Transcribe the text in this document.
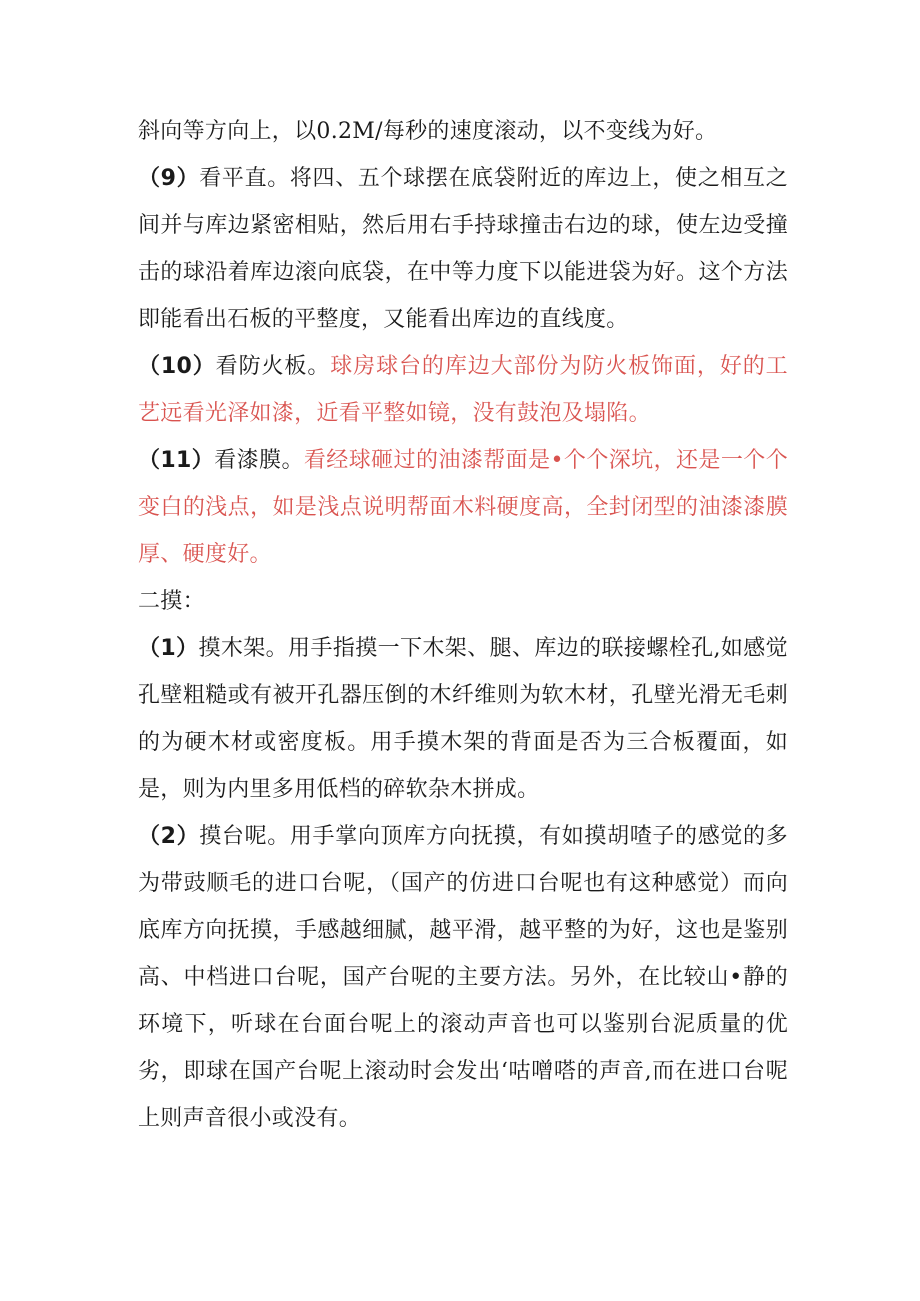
斜向等方向上，以0.2M/每秒的速度滚动，以不变线为好。

（9）看平直。将四、五个球摆在底袋附近的库边上，使之相互之间并与库边紧密相贴，然后用右手持球撞击右边的球，使左边受撞击的球沿着库边滚向底袋，在中等力度下以能进袋为好。这个方法即能看出石板的平整度，又能看出库边的直线度。

（10）看防火板。球房球台的库边大部份为防火板饰面，好的工艺远看光泽如漆，近看平整如镜，没有鼓泡及塌陷。

（11）看漆膜。看经球砸过的油漆帮面是•个个深坑，还是一个个变白的浅点，如是浅点说明帮面木料硬度高，全封闭型的油漆漆膜厚、硬度好。

二摸：

（1）摸木架。用手指摸一下木架、腿、库边的联接螺栓孔,如感觉孔壁粗糙或有被开孔器压倒的木纤维则为软木材，孔壁光滑无毛刺的为硬木材或密度板。用手摸木架的背面是否为三合板覆面，如是，则为内里多用低档的碎软杂木拼成。

（2）摸台呢。用手掌向顶库方向抚摸，有如摸胡喳子的感觉的多为带豉顺毛的进口台呢，（国产的仿进口台呢也有这种感觉）而向底库方向抚摸，手感越细腻，越平滑，越平整的为好，这也是鉴别高、中档进口台呢，国产台呢的主要方法。另外，在比较山•静的环境下，听球在台面台呢上的滚动声音也可以鉴别台泥质量的优劣，即球在国产台呢上滚动时会发出‘咕噌嗒的声音,而在进口台呢上则声音很小或没有。
